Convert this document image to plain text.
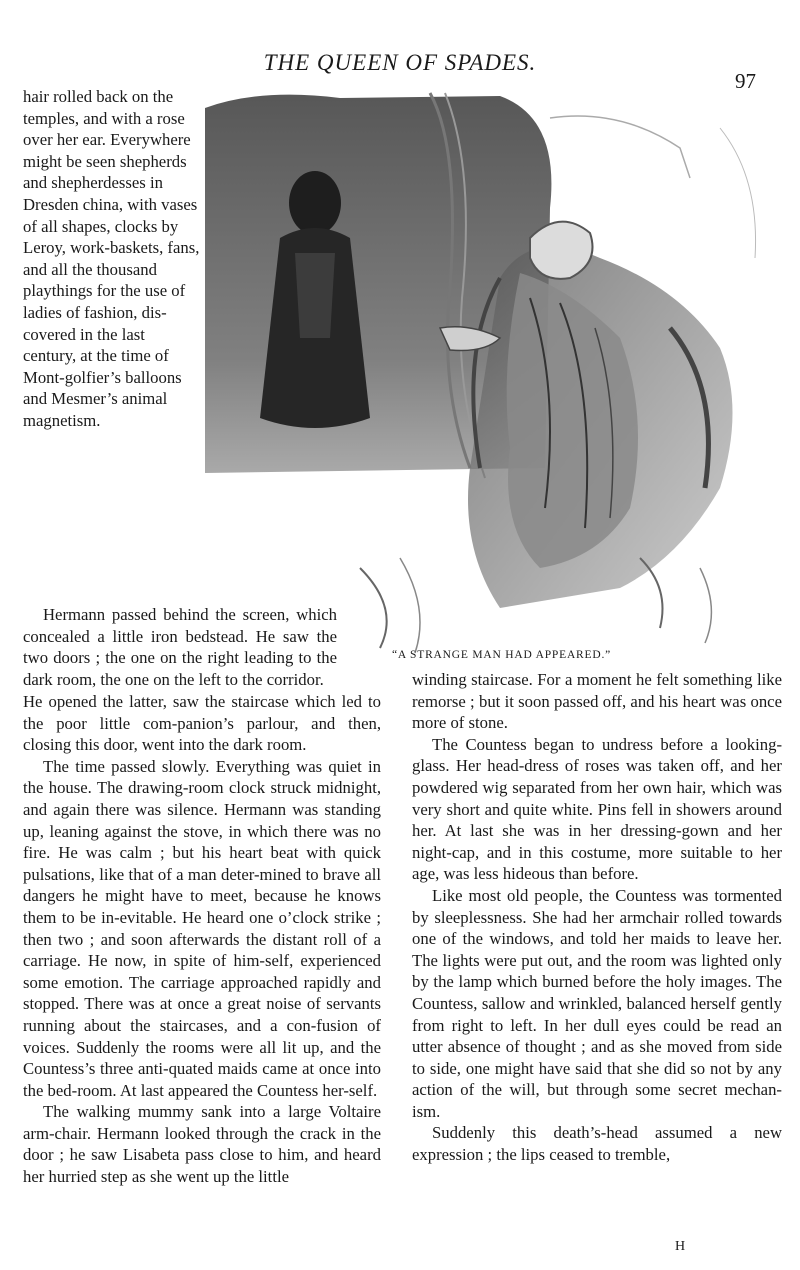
THE QUEEN OF SPADES.
97
“A STRANGE MAN HAD APPEARED.”

hair rolled back on the temples, and with a rose over her ear. Everywhere might be seen shepherds and shepherdesses in Dresden china, with vases of all shapes, clocks by Leroy, work-baskets, fans, and all the thousand playthings for the use of ladies of fashion, dis-covered in the last century, at the time of Mont-golfier’s balloons and Mesmer’s animal magnetism.

Hermann passed behind the screen, which concealed a little iron bedstead. He saw the two doors ; the one on the right leading to the dark room, the one on the left to the corridor.

He opened the latter, saw the staircase which led to the poor little com-panion’s parlour, and then, closing this door, went into the dark room.

The time passed slowly. Everything was quiet in the house. The drawing-room clock struck midnight, and again there was silence. Hermann was standing up, leaning against the stove, in which there was no fire. He was calm ; but his heart beat with quick pulsations, like that of a man deter-mined to brave all dangers he might have to meet, because he knows them to be in-evitable. He heard one o’clock strike ; then two ; and soon afterwards the distant roll of a carriage. He now, in spite of him-self, experienced some emotion. The carriage approached rapidly and stopped. There was at once a great noise of servants running about the staircases, and a con-fusion of voices. Suddenly the rooms were all lit up, and the Countess’s three anti-quated maids came at once into the bed-room. At last appeared the Countess her-self.

The walking mummy sank into a large Voltaire arm-chair. Hermann looked through the crack in the door ; he saw Lisabeta pass close to him, and heard her hurried step as she went up the little

winding staircase. For a moment he felt something like remorse ; but it soon passed off, and his heart was once more of stone.

The Countess began to undress before a looking-glass. Her head-dress of roses was taken off, and her powdered wig separated from her own hair, which was very short and quite white. Pins fell in showers around her. At last she was in her dressing-gown and her night-cap, and in this costume, more suitable to her age, was less hideous than before.

Like most old people, the Countess was tormented by sleeplessness. She had her armchair rolled towards one of the windows, and told her maids to leave her. The lights were put out, and the room was lighted only by the lamp which burned before the holy images. The Countess, sallow and wrinkled, balanced herself gently from right to left. In her dull eyes could be read an utter absence of thought ; and as she moved from side to side, one might have said that she did so not by any action of the will, but through some secret mechan-ism.

Suddenly this death’s-head assumed a new expression ; the lips ceased to tremble,

H
